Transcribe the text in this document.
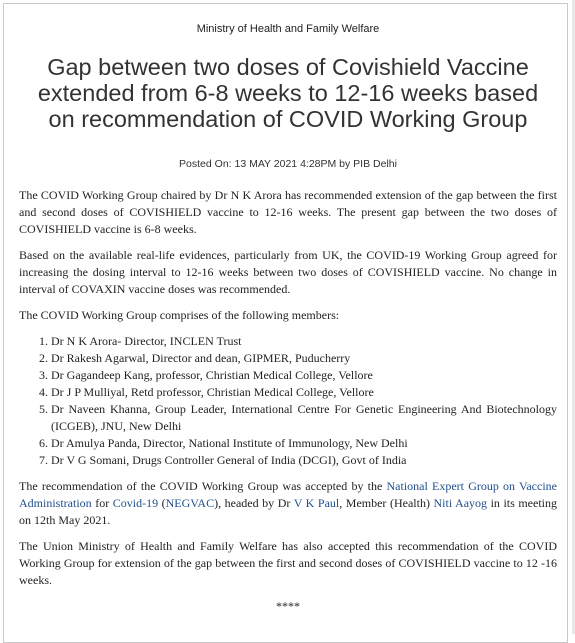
Ministry of Health and Family Welfare
Gap between two doses of Covishield Vaccine
extended from 6-8 weeks to 12-16 weeks based
on recommendation of COVID Working Group
Posted On: 13 MAY 2021 4:28PM by PIB Delhi

The COVID Working Group chaired by Dr N K Arora has recommended extension of the gap between the first and second doses of COVISHIELD vaccine to 12-16 weeks. The present gap between the two doses of COVISHIELD vaccine is 6-8 weeks.

Based on the available real-life evidences, particularly from UK, the COVID-19 Working Group agreed for increasing the dosing interval to 12-16 weeks between two doses of COVISHIELD vaccine. No change in interval of COVAXIN vaccine doses was recommended.

The COVID Working Group comprises of the following members:

1. Dr N K Arora- Director, INCLEN Trust
2. Dr Rakesh Agarwal, Director and dean, GIPMER, Puducherry
3. Dr Gagandeep Kang, professor, Christian Medical College, Vellore
4. Dr J P Mulliyal, Retd professor, Christian Medical College, Vellore
5. Dr Naveen Khanna, Group Leader, International Centre For Genetic Engineering And Biotechnology (ICGEB), JNU, New Delhi
6. Dr Amulya Panda, Director, National Institute of Immunology, New Delhi
7. Dr V G Somani, Drugs Controller General of India (DCGI), Govt of India

The recommendation of the COVID Working Group was accepted by the National Expert Group on Vaccine Administration for Covid-19 (NEGVAC), headed by Dr V K Paul, Member (Health) Niti Aayog in its meeting on 12th May 2021.

The Union Ministry of Health and Family Welfare has also accepted this recommendation of the COVID Working Group for extension of the gap between the first and second doses of COVISHIELD vaccine to 12 -16 weeks.

****
